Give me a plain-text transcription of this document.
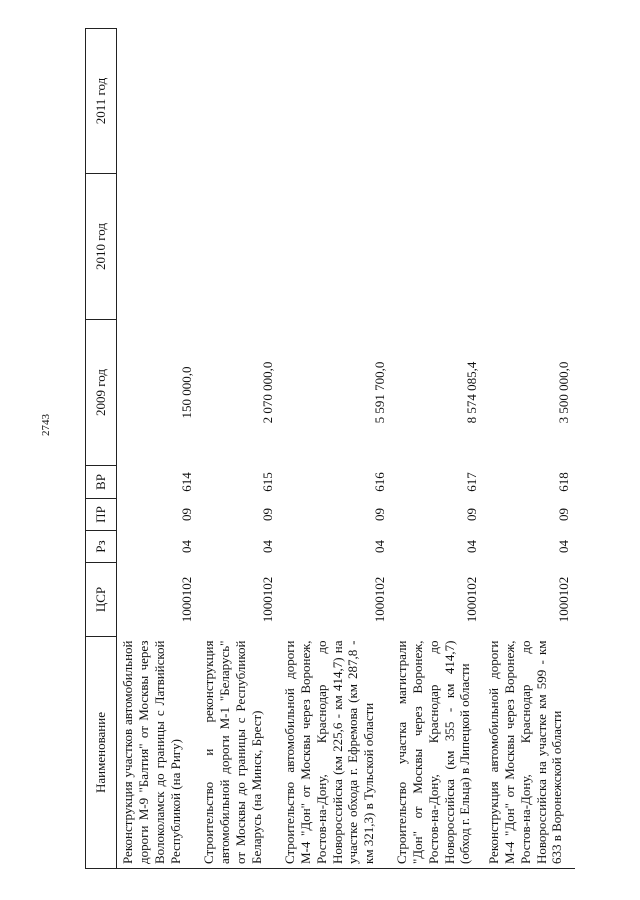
2743
Наименование	ЦСР	Рз	ПР	ВР	2009 год	2010 год	2011 год
Реконструкция участков автомобильной дороги М-9 "Балтия" от Москвы через Волоколамск до границы с Латвийской Республикой (на Ригу)	1000102	04	09	614	150 000,0		
Строительство и реконструкция автомобильной дороги М-1 "Беларусь" от Москвы до границы с Республикой Беларусь (на Минск, Брест)	1000102	04	09	615	2 070 000,0		
Строительство автомобильной дороги М-4 "Дон" от Москвы через Воронеж, Ростов-на-Дону, Краснодар до Новороссийска (км 225,6 - км 414,7) на участке обхода г. Ефремова (км 287,8 - км 321,3) в Тульской области	1000102	04	09	616	5 591 700,0		
Строительство участка магистрали "Дон" от Москвы через Воронеж, Ростов-на-Дону, Краснодар до Новороссийска (км 355 - км 414,7) (обход г. Ельца) в Липецкой области	1000102	04	09	617	8 574 085,4		
Реконструкция автомобильной дороги М-4 "Дон" от Москвы через Воронеж, Ростов-на-Дону, Краснодар до Новороссийска на участке км 599 - км 633 в Воронежской области	1000102	04	09	618	3 500 000,0		
